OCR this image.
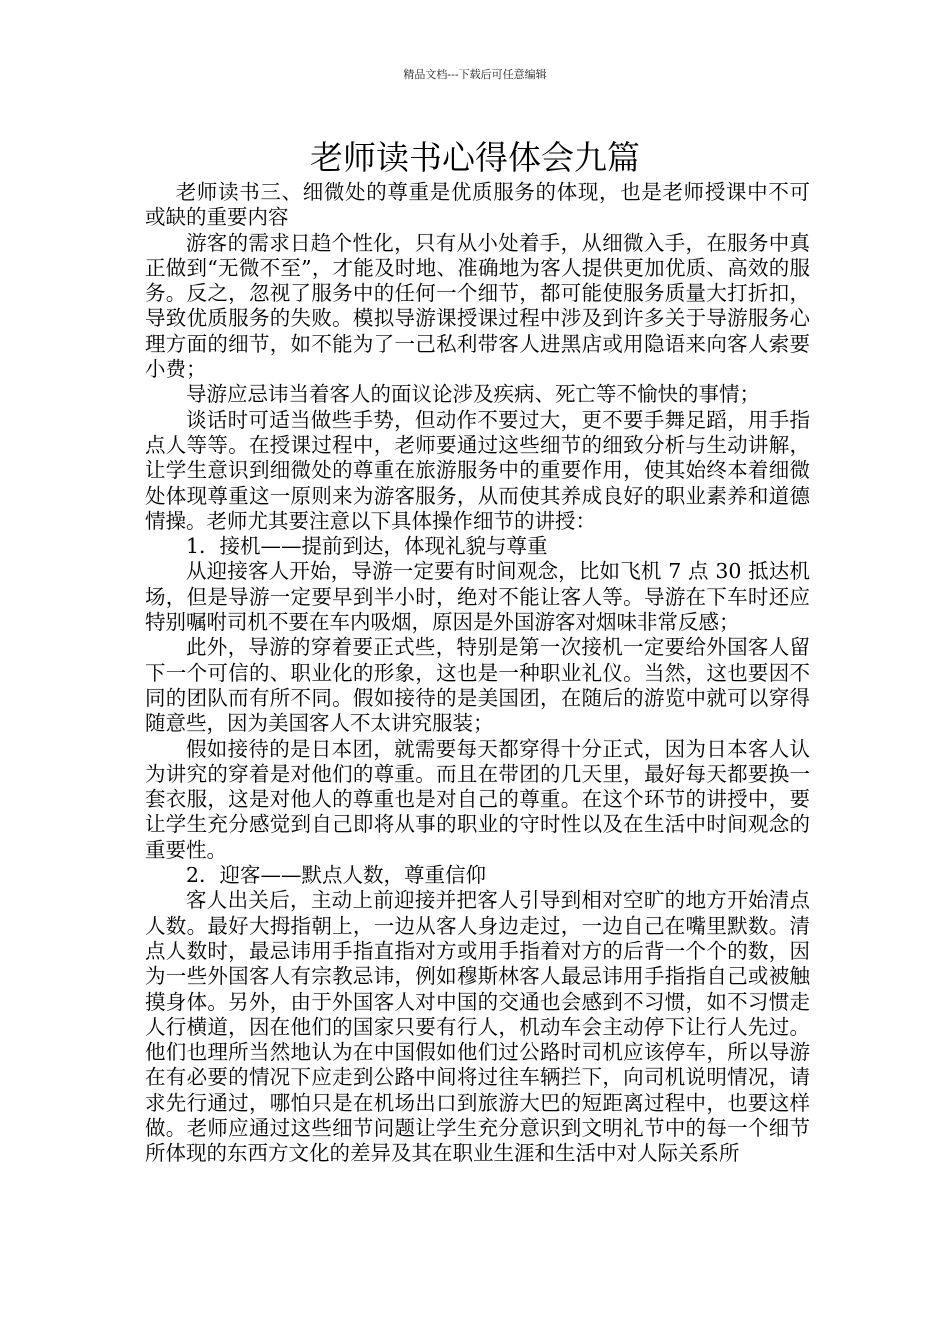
精品文档---下载后可任意编辑
老师读书心得体会九篇

老师读书三、细微处的尊重是优质服务的体现，也是老师授课中不可或缺的重要内容

游客的需求日趋个性化，只有从小处着手，从细微入手，在服务中真正做到“无微不至”，才能及时地、准确地为客人提供更加优质、高效的服务。反之，忽视了服务中的任何一个细节，都可能使服务质量大打折扣，导致优质服务的失败。模拟导游课授课过程中涉及到许多关于导游服务心理方面的细节，如不能为了一己私利带客人进黑店或用隐语来向客人索要小费；

导游应忌讳当着客人的面议论涉及疾病、死亡等不愉快的事情；

谈话时可适当做些手势，但动作不要过大，更不要手舞足蹈，用手指点人等等。在授课过程中，老师要通过这些细节的细致分析与生动讲解，让学生意识到细微处的尊重在旅游服务中的重要作用，使其始终本着细微处体现尊重这一原则来为游客服务，从而使其养成良好的职业素养和道德情操。老师尤其要注意以下具体操作细节的讲授：

1．接机——提前到达，体现礼貌与尊重

从迎接客人开始，导游一定要有时间观念，比如飞机 7 点 30 抵达机场，但是导游一定要早到半小时，绝对不能让客人等。导游在下车时还应特别嘱咐司机不要在车内吸烟，原因是外国游客对烟味非常反感；

此外，导游的穿着要正式些，特别是第一次接机一定要给外国客人留下一个可信的、职业化的形象，这也是一种职业礼仪。当然，这也要因不同的团队而有所不同。假如接待的是美国团，在随后的游览中就可以穿得随意些，因为美国客人不太讲究服装；

假如接待的是日本团，就需要每天都穿得十分正式，因为日本客人认为讲究的穿着是对他们的尊重。而且在带团的几天里，最好每天都要换一套衣服，这是对他人的尊重也是对自己的尊重。在这个环节的讲授中，要让学生充分感觉到自己即将从事的职业的守时性以及在生活中时间观念的重要性。

2．迎客——默点人数，尊重信仰

客人出关后，主动上前迎接并把客人引导到相对空旷的地方开始清点人数。最好大拇指朝上，一边从客人身边走过，一边自己在嘴里默数。清点人数时，最忌讳用手指直指对方或用手指着对方的后背一个个的数，因为一些外国客人有宗教忌讳，例如穆斯林客人最忌讳用手指指自己或被触摸身体。另外，由于外国客人对中国的交通也会感到不习惯，如不习惯走人行横道，因在他们的国家只要有行人，机动车会主动停下让行人先过。他们也理所当然地认为在中国假如他们过公路时司机应该停车，所以导游在有必要的情况下应走到公路中间将过往车辆拦下，向司机说明情况，请求先行通过，哪怕只是在机场出口到旅游大巴的短距离过程中，也要这样做。老师应通过这些细节问题让学生充分意识到文明礼节中的每一个细节所体现的东西方文化的差异及其在职业生涯和生活中对人际关系所
